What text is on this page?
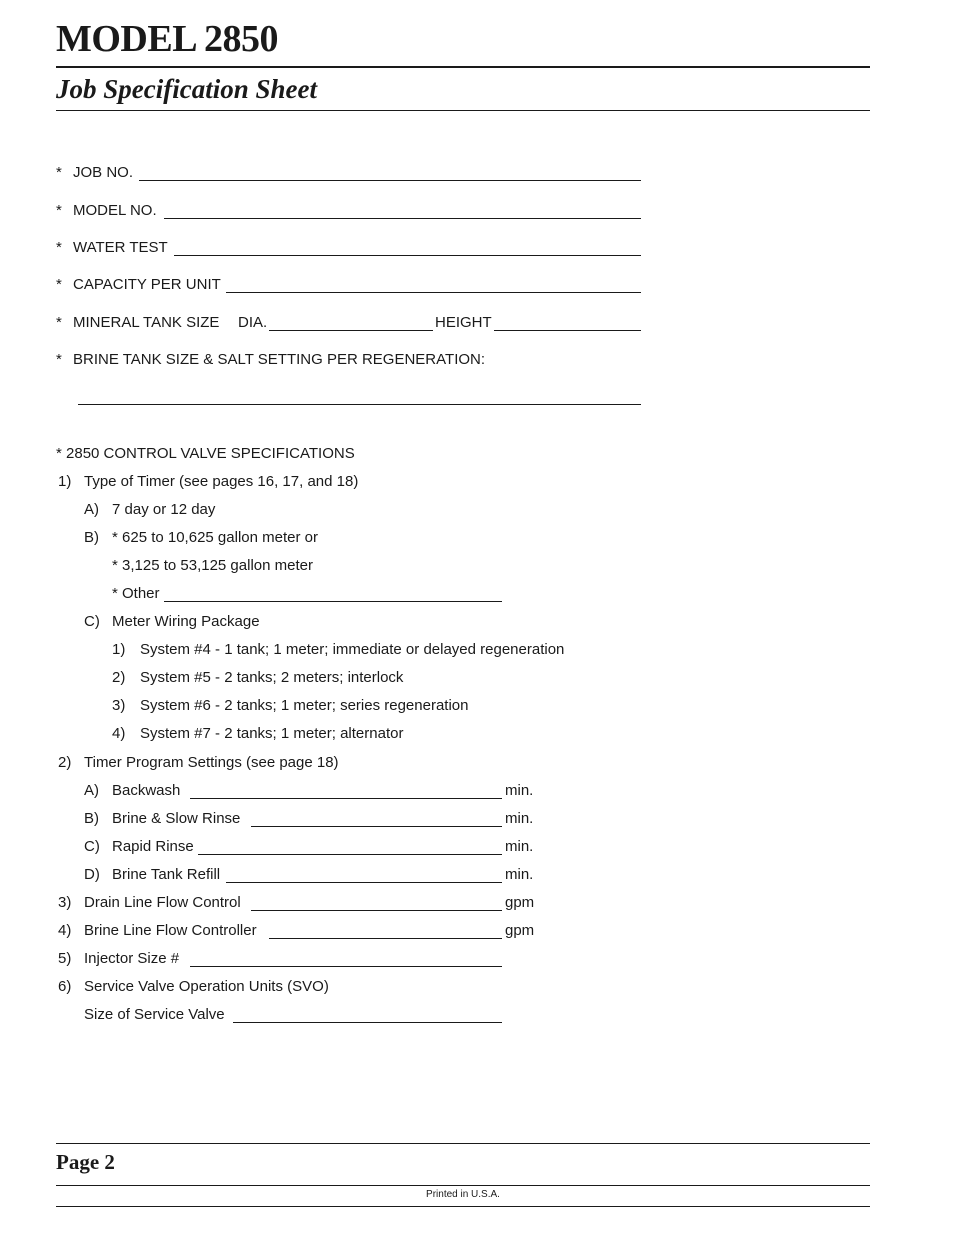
MODEL 2850
Job Specification Sheet
* JOB NO.
* MODEL NO.
* WATER TEST
* CAPACITY PER UNIT
* MINERAL TANK SIZE DIA.	HEIGHT
* BRINE TANK SIZE & SALT SETTING PER REGENERATION:
* 2850 CONTROL VALVE SPECIFICATIONS
1) Type of Timer (see pages 16, 17, and 18)
A) 7 day or 12 day
B) * 625 to 10,625 gallon meter or
* 3,125 to 53,125 gallon meter
* Other
C) Meter Wiring Package
1) System #4 - 1 tank; 1 meter; immediate or delayed regeneration
2) System #5 - 2 tanks; 2 meters; interlock
3) System #6 - 2 tanks; 1 meter; series regeneration
4) System #7 - 2 tanks; 1 meter; alternator
2) Timer Program Settings (see page 18)
A) Backwash	min.
B) Brine & Slow Rinse	min.
C) Rapid Rinse	min.
D) Brine Tank Refill	min.
3) Drain Line Flow Control	gpm
4) Brine Line Flow Controller	gpm
5) Injector Size #
6) Service Valve Operation Units (SVO)
Size of Service Valve
Page 2
Printed in U.S.A.
